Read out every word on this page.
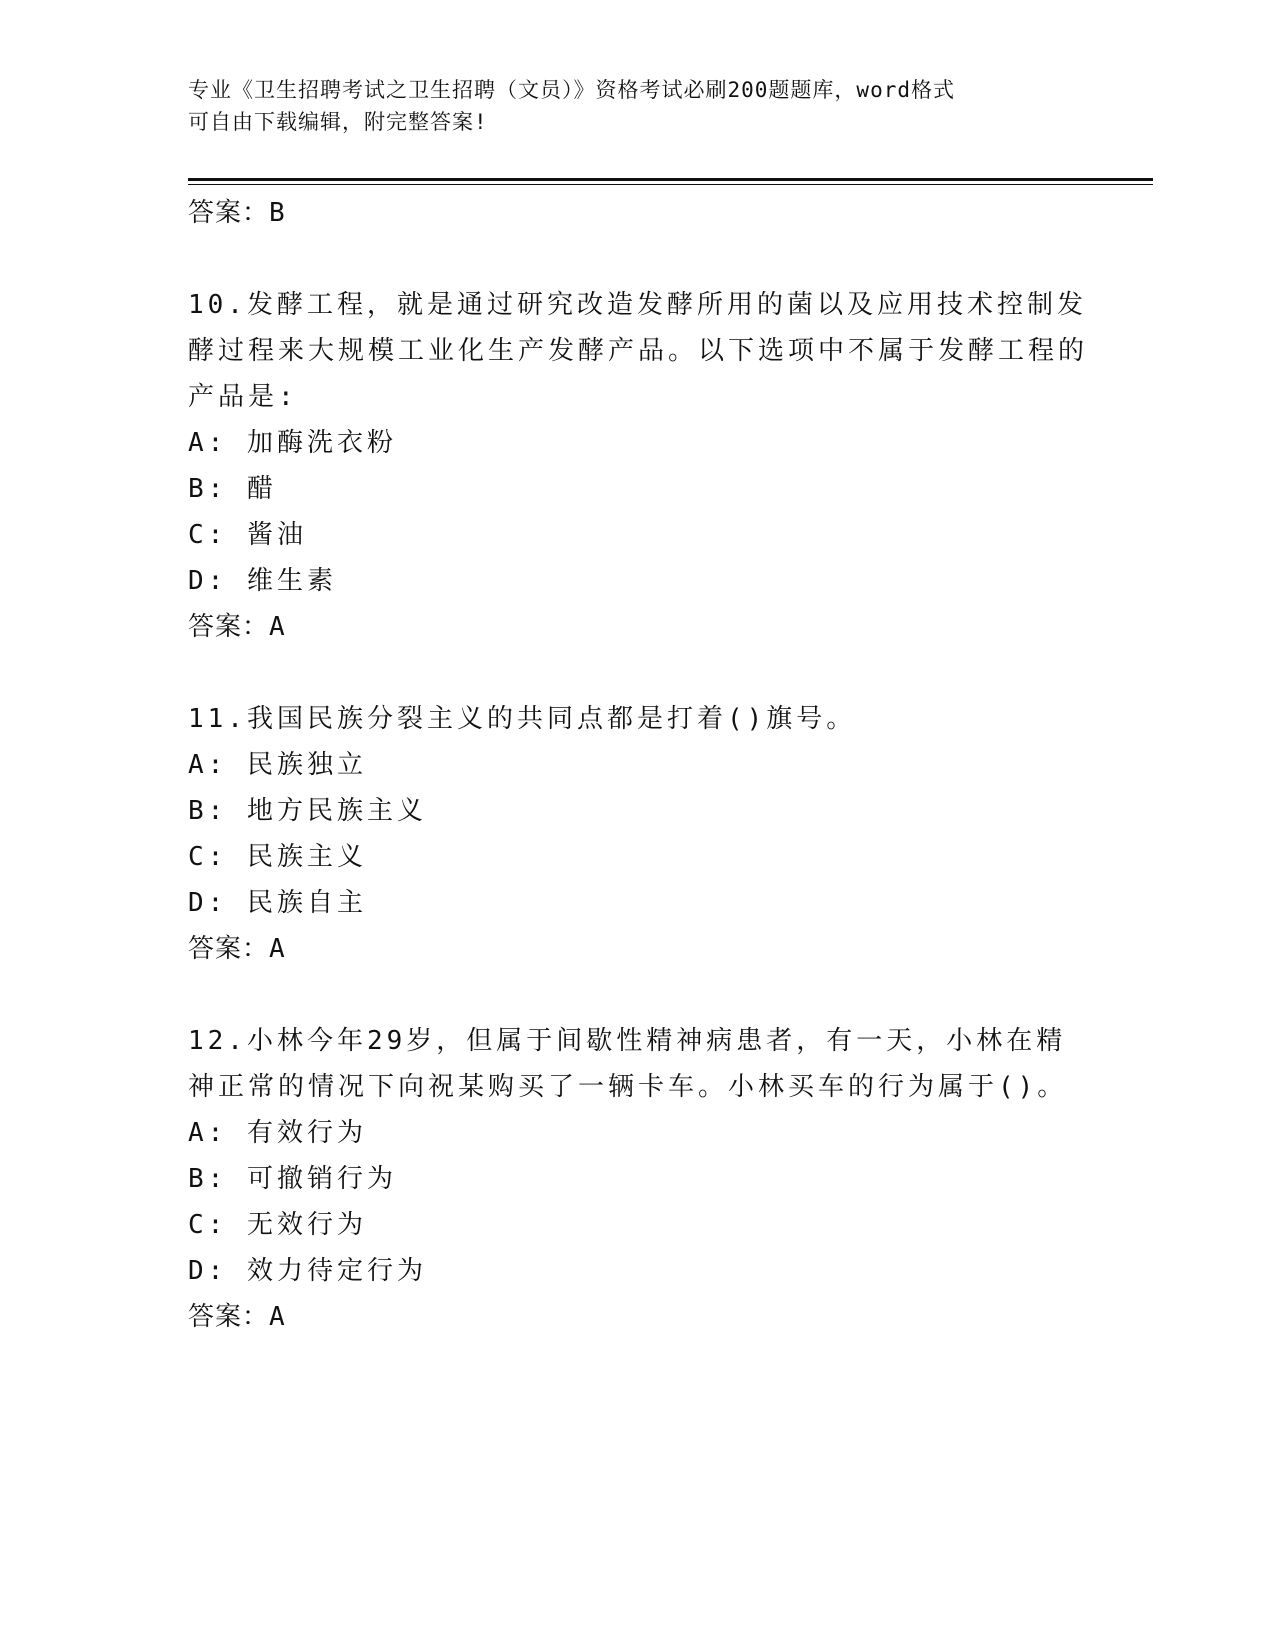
专业《卫生招聘考试之卫生招聘（文员）》资格考试必刷200题题库，word格式
可自由下载编辑，附完整答案!
答案：B
10.发酵工程，就是通过研究改造发酵所用的菌以及应用技术控制发酵过程来大规模工业化生产发酵产品。以下选项中不属于发酵工程的产品是:
A: 加酶洗衣粉
B: 醋
C: 酱油
D: 维生素
答案：A
11.我国民族分裂主义的共同点都是打着()旗号。
A: 民族独立
B: 地方民族主义
C: 民族主义
D: 民族自主
答案：A
12.小林今年29岁，但属于间歇性精神病患者，有一天，小林在精神正常的情况下向祝某购买了一辆卡车。小林买车的行为属于()。
A: 有效行为
B: 可撤销行为
C: 无效行为
D: 效力待定行为
答案：A
